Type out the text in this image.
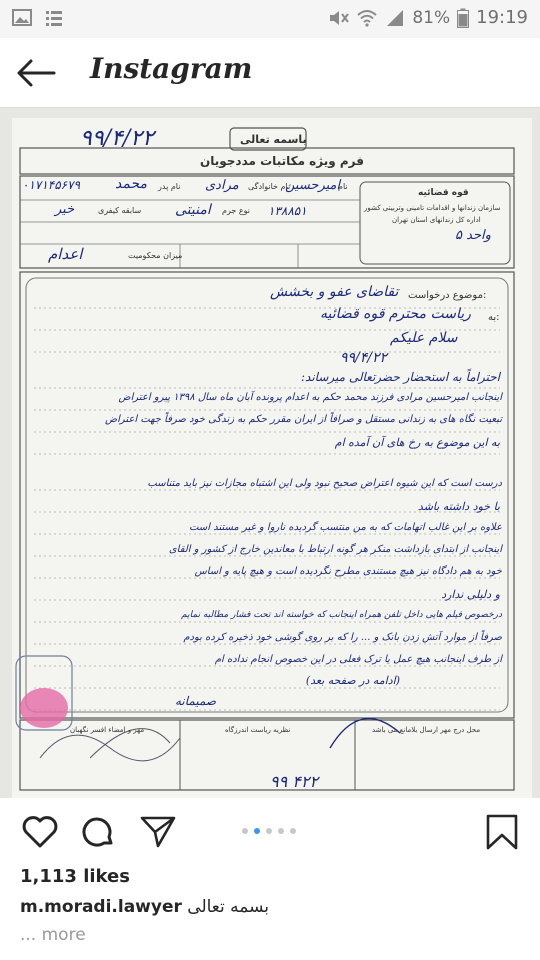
81% 19:19
Instagram
۹۹/۴/۲۲	باسمه تعالی
فرم ویژه مکاتبات مددجویان
قوه قضائیه
سازمان زندانها و اقدامات تامینی وتربیتی کشور
اداره کل زندانهای استان تهران
واحد ۵
نام
امیرحسین
نام خانوادگی
مرادی
نام پدر
محمد
۰۱۷۱۴۵۶۷۹
۱۳۸۸۵۱
نوع جرم
امنیتی
سابقه کیفری
خیر
میزان محکومیت
اعدام
موضوع درخواست:
تقاضای عفو و بخشش
به:
ریاست محترم قوه قضائیه
سلام علیکم
۹۹/۴/۲۲
احتراماً به استحضار حضرتعالی میرساند:
اینجانب امیرحسین مرادی فرزند محمد حکم به اعدام پرونده آبان ماه سال ۱۳۹۸ پیرو اعتراض
تبعیت نگاه های به زندانی مستقل و صرافاً از ایران مقرر حکم به زندگی خود صرفاً جهت اعتراض
به این موضوع به رخ های آن آمده ام
درست است که این شیوه اعتراض صحیح نبود ولی این اشتباه مجازات نیز باید متناسب
با خود داشته باشد
علاوه بر این غالب اتهامات که به من منتسب گردیده ناروا و غیر مستند است
اینجانب از ابتدای بازداشت منکر هر گونه ارتباط با معاندین خارج از کشور و القای
خود به هم دادگاه نیز هیچ مستندی مطرح نگردیده است و هیچ پایه و اساس
و دلیلی ندارد
درخصوص فیلم هایی داخل تلفن همراه اینجانب که خواسته اند تحت فشار مطالبه نمایم
صرفاً از موارد آتش زدن بانک و ... را که بر روی گوشی خود ذخیره کرده بودم
از طرف اینجانب هیچ عمل یا ترک فعلی در این خصوص انجام نداده ام
(ادامه در صفحه بعد)
صمیمانه
محل درج مهر ارسال بلامانع می باشد
نظریه ریاست اندرزگاه
مهر و امضاء افسر نگهبان
۹۹ ۴۲۲
1,113 likes
m.moradi.lawyer بسمه تعالی
... more
